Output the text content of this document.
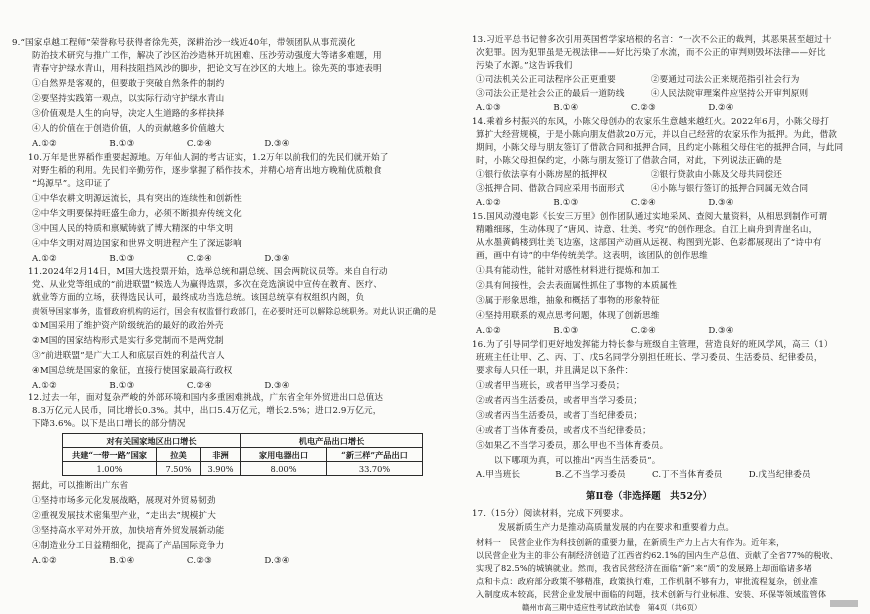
9.“国家卓越工程师”荣誉称号获得者徐先英，深耕治沙一线近40年，带领团队从事荒漠化
防治技术研究与推广工作，解决了沙区治沙造林开坑困难、压沙劳动强度大等诸多难题，用
青春守护绿水青山，用科技阻挡风沙的脚步，把论文写在沙区的大地上。徐先英的事迹表明
①自然界是客观的，但要敢于突破自然条件的制约
②要坚持实践第一观点，以实际行动守护绿水青山
③价值观是人生的向导，决定人生道路的多样抉择
④人的价值在于创造价值，人的贡献越多价值越大
A.①②　　　　　　B.①③　　　　　　C.②④　　　　　　D.③④
10.万年是世界稻作重要起源地。万年仙人洞的考古证实，1.2万年以前我们的先民们就开始了
对野生稻的利用。先民们辛勤劳作，逐步掌握了稻作技术，并精心培育出地方晚籼优质粮食
“坞源早”。这印证了
①中华农耕文明源远流长，具有突出的连续性和创新性
②中华文明要保持旺盛生命力，必须不断损弃传统文化
③中国人民的特质和禀赋铸就了博大精深的中华文明
④中华文明对周边国家和世界文明进程产生了深远影响
A.①②　　　　　　B.①③　　　　　　C.②④　　　　　　D.③④
11.2024年2月14日，M国大选投票开始，选举总统和副总统、国会两院议员等。来自自行动
党、从业党等组成的“前进联盟”候选人为赢得选票，多次在竞选演说中宣传在教育、医疗、
就业等方面的立场，获得选民认可，最终成功当选总统。该国总统享有权组织内阁，负
责领导国家事务，监督政府机构的运行，国会有权监督行政部门，在必要时还可以解除总统职务。对此认识正确的是
①M国采用了维护资产阶级统治的最好的政治外壳
②M国的国家结构形式是实行多党制而不是两党制
③“前进联盟”是广大工人和底层百姓的利益代言人
④M国总统是国家的象征，直接行使国家最高行政权
A.①②　　　　　　B.①③　　　　　　C.②④　　　　　　D.③④
12.过去一年，面对复杂严峻的外部环境和国内多重困难挑战，广东省全年外贸进出口总值达
8.3万亿元人民币，同比增长0.3%。其中，出口5.4万亿元，增长2.5%；进口2.9万亿元，
下降3.6%。以下是出口增长的部分情况
对有关国家地区出口增长			机电产品出口增长	
共建“一带一路”国家	拉美	非洲	家用电器出口	“新三样”产品出口
1.00%	7.50%	3.90%	8.00%	33.70%
据此，可以推断出广东省
①坚持市场多元化发展战略，展现对外贸易韧劲
②重视发展技术密集型产业，“走出去”规模扩大
③坚持高水平对外开放，加快培育外贸发展新动能
④制造业分工日益精细化，提高了产品国际竞争力
A.①②　　　　　　B.①④　　　　　　C.②③　　　　　　D.③④
13.习近平总书记曾多次引用英国哲学家培根的名言：“一次不公正的裁判，其恶果甚至超过十
次犯罪。因为犯罪虽是无视法律——好比污染了水流，而不公正的审判则毁坏法律——好比
污染了水源。”这告诉我们
①司法机关公正司法程序公正更重要　　　　②要通过司法公正来规范指引社会行为
③司法公正是社会公正的最后一道防线　　　④人民法院审理案件应坚持公开审判原则
A.①③　　　　　　B.①④　　　　　　C.②③　　　　　　D.②④
14.乘着乡村振兴的东风，小陈父母创办的农家乐生意越来越红火。2022年6月，小陈父母打
算扩大经营规模，于是小陈向朋友借款20万元，并以自己经营的农家乐作为抵押。为此，借款
期间，小陈父母与朋友签订了借款合同和抵押合同，且约定小陈租父母住宅的抵押合同，与此同
时，小陈父母担保约定，小陈与朋友签订了借款合同，对此，下列说法正确的是
①银行依法享有小陈房屋的抵押权　　　　　②银行贷款由小陈及父母共同偿还
③抵押合同、借款合同应采用书面形式　　　④小陈与银行签订的抵押合同属无效合同
A.①②　　　　　　B.①③　　　　　　C.②④　　　　　　D.③④
15.国风动漫电影《长安三万里》创作团队通过实地采风、查阅大量资料，从相思到制作可谓
精雕细琢，生动体现了“唐风、诗意、壮美、考究”的创作理念。自江上扁舟到青崖名山，
从水墨黄鹤楼到壮美飞边塞，这部国产动画从远视、构图到光影、色彩都展现出了“诗中有
画，画中有诗”的中华传统美学。这表明，该团队的创作思维
①具有能动性，能针对感性材料进行提炼和加工
②具有间接性，会去表面属性抓住了事物的本质属性
③属于形象思维，抽象和概括了事物的形象特征
④坚持用联系的观点思考问题，体现了创新思维
A.①②　　　　　　B.①③　　　　　　C.②④　　　　　　D.③④
16.为了引导同学们更好地发挥能力特长参与班级自主管理，营造良好的班风学风，高三（1）
班班主任让甲、乙、丙、丁、戊5名同学分别担任班长、学习委员、生活委员、纪律委员，
要求每人只任一职，并且满足以下条件：
①或者甲当班长，或者甲当学习委员；
②或者丙当生活委员，或者甲当学习委员；
③或者丙当生活委员，或者丁当纪律委员；
④或者丁当体育委员，或者戊不当纪律委员；
⑤如果乙不当学习委员，那么甲也不当体育委员。
以下哪项为真，可以推出“丙当生活委员”。
A.甲当班长　　　　B.乙不当学习委员　　　C.丁不当体育委员　　　D.戊当纪律委员
第Ⅱ卷（非选择题　共52分）
17.（15分）阅读材料，完成下列要求。
发展新质生产力是推动高质量发展的内在要求和重要着力点。
材料一　民营企业作为科技创新的重要力量，在新质生产力上占大有作为。近年来，
以民营企业为主的非公有制经济创造了江西省约62.1%的国内生产总值、贡献了全省77%的税收、
实现了82.5%的城镇就业。然而，我省民营经济在面临“新”来“质”的发展路上却面临诸多堵
点和卡点：政府部分政策不够精准，政策执行难，工作机制不够有力，审批流程复杂，创业准
入制度成本较高，民营企业发展中面临的问题，技术创新与行业标准、安装、环保等领域监管体
赣州市高三期中适应性考试政治试卷　第4页（共6页）
